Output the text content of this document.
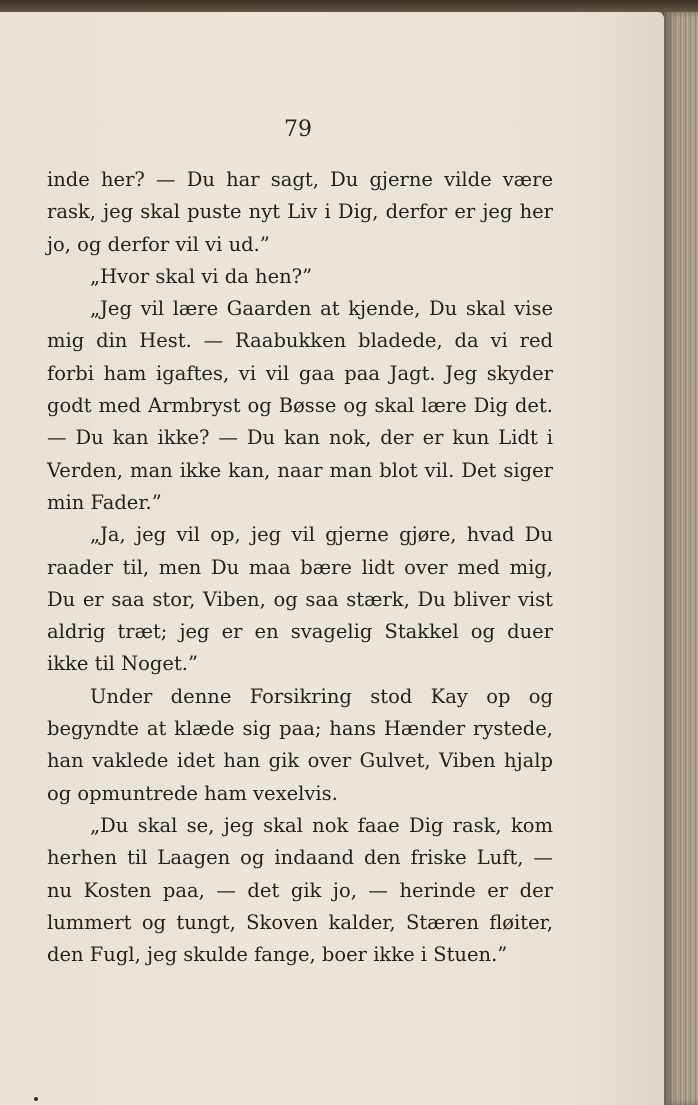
79

inde her? — Du har sagt, Du gjerne vilde være rask, jeg skal puste nyt Liv i Dig, derfor er jeg her jo, og derfor vil vi ud.”

„Hvor skal vi da hen?”

„Jeg vil lære Gaarden at kjende, Du skal vise mig din Hest. — Raabukken bladede, da vi red forbi ham igaftes, vi vil gaa paa Jagt. Jeg skyder godt med Armbryst og Bøsse og skal lære Dig det. — Du kan ikke? — Du kan nok, der er kun Lidt i Verden, man ikke kan, naar man blot vil. Det siger min Fader.”

„Ja, jeg vil op, jeg vil gjerne gjøre, hvad Du raader til, men Du maa bære lidt over med mig, Du er saa stor, Viben, og saa stærk, Du bliver vist aldrig træt; jeg er en svagelig Stakkel og duer ikke til Noget.”

Under denne Forsikring stod Kay op og begyndte at klæde sig paa; hans Hænder rystede, han vaklede idet han gik over Gulvet, Viben hjalp og opmuntrede ham vexelvis.

„Du skal se, jeg skal nok faae Dig rask, kom herhen til Laagen og indaand den friske Luft, — nu Kosten paa, — det gik jo, — herinde er der lummert og tungt, Skoven kalder, Stæren fløiter, den Fugl, jeg skulde fange, boer ikke i Stuen.”
